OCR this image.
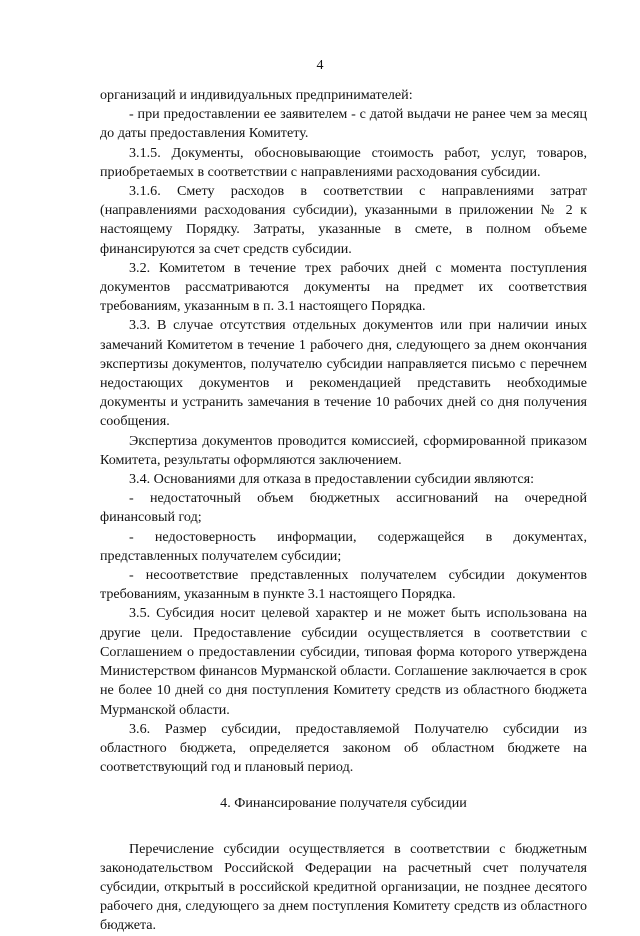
4

организаций и индивидуальных предпринимателей:

- при предоставлении ее заявителем - с датой выдачи не ранее чем за месяц до даты предоставления Комитету.

3.1.5. Документы, обосновывающие стоимость работ, услуг, товаров, приобретаемых в соответствии с направлениями расходования субсидии.

3.1.6. Смету расходов в соответствии с направлениями затрат (направлениями расходования субсидии), указанными в приложении № 2 к настоящему Порядку. Затраты, указанные в смете, в полном объеме финансируются за счет средств субсидии.

3.2. Комитетом в течение трех рабочих дней с момента поступления документов рассматриваются документы на предмет их соответствия требованиям, указанным в п. 3.1 настоящего Порядка.

3.3. В случае отсутствия отдельных документов или при наличии иных замечаний Комитетом в течение 1 рабочего дня, следующего за днем окончания экспертизы документов, получателю субсидии направляется письмо с перечнем недостающих документов и рекомендацией представить необходимые документы и устранить замечания в течение 10 рабочих дней со дня получения сообщения.

Экспертиза документов проводится комиссией, сформированной приказом Комитета, результаты оформляются заключением.

3.4. Основаниями для отказа в предоставлении субсидии являются:

- недостаточный объем бюджетных ассигнований на очередной финансовый год;

- недостоверность информации, содержащейся в документах, представленных получателем субсидии;

- несоответствие представленных получателем субсидии документов требованиям, указанным в пункте 3.1 настоящего Порядка.

3.5. Субсидия носит целевой характер и не может быть использована на другие цели. Предоставление субсидии осуществляется в соответствии с Соглашением о предоставлении субсидии, типовая форма которого утверждена Министерством финансов Мурманской области. Соглашение заключается в срок не более 10 дней со дня поступления Комитету средств из областного бюджета Мурманской области.

3.6. Размер субсидии, предоставляемой Получателю субсидии из областного бюджета, определяется законом об областном бюджете на соответствующий год и плановый период.

4. Финансирование получателя субсидии

Перечисление субсидии осуществляется в соответствии с бюджетным законодательством Российской Федерации на расчетный счет получателя субсидии, открытый в российской кредитной организации, не позднее десятого рабочего дня, следующего за днем поступления Комитету средств из областного бюджета.
